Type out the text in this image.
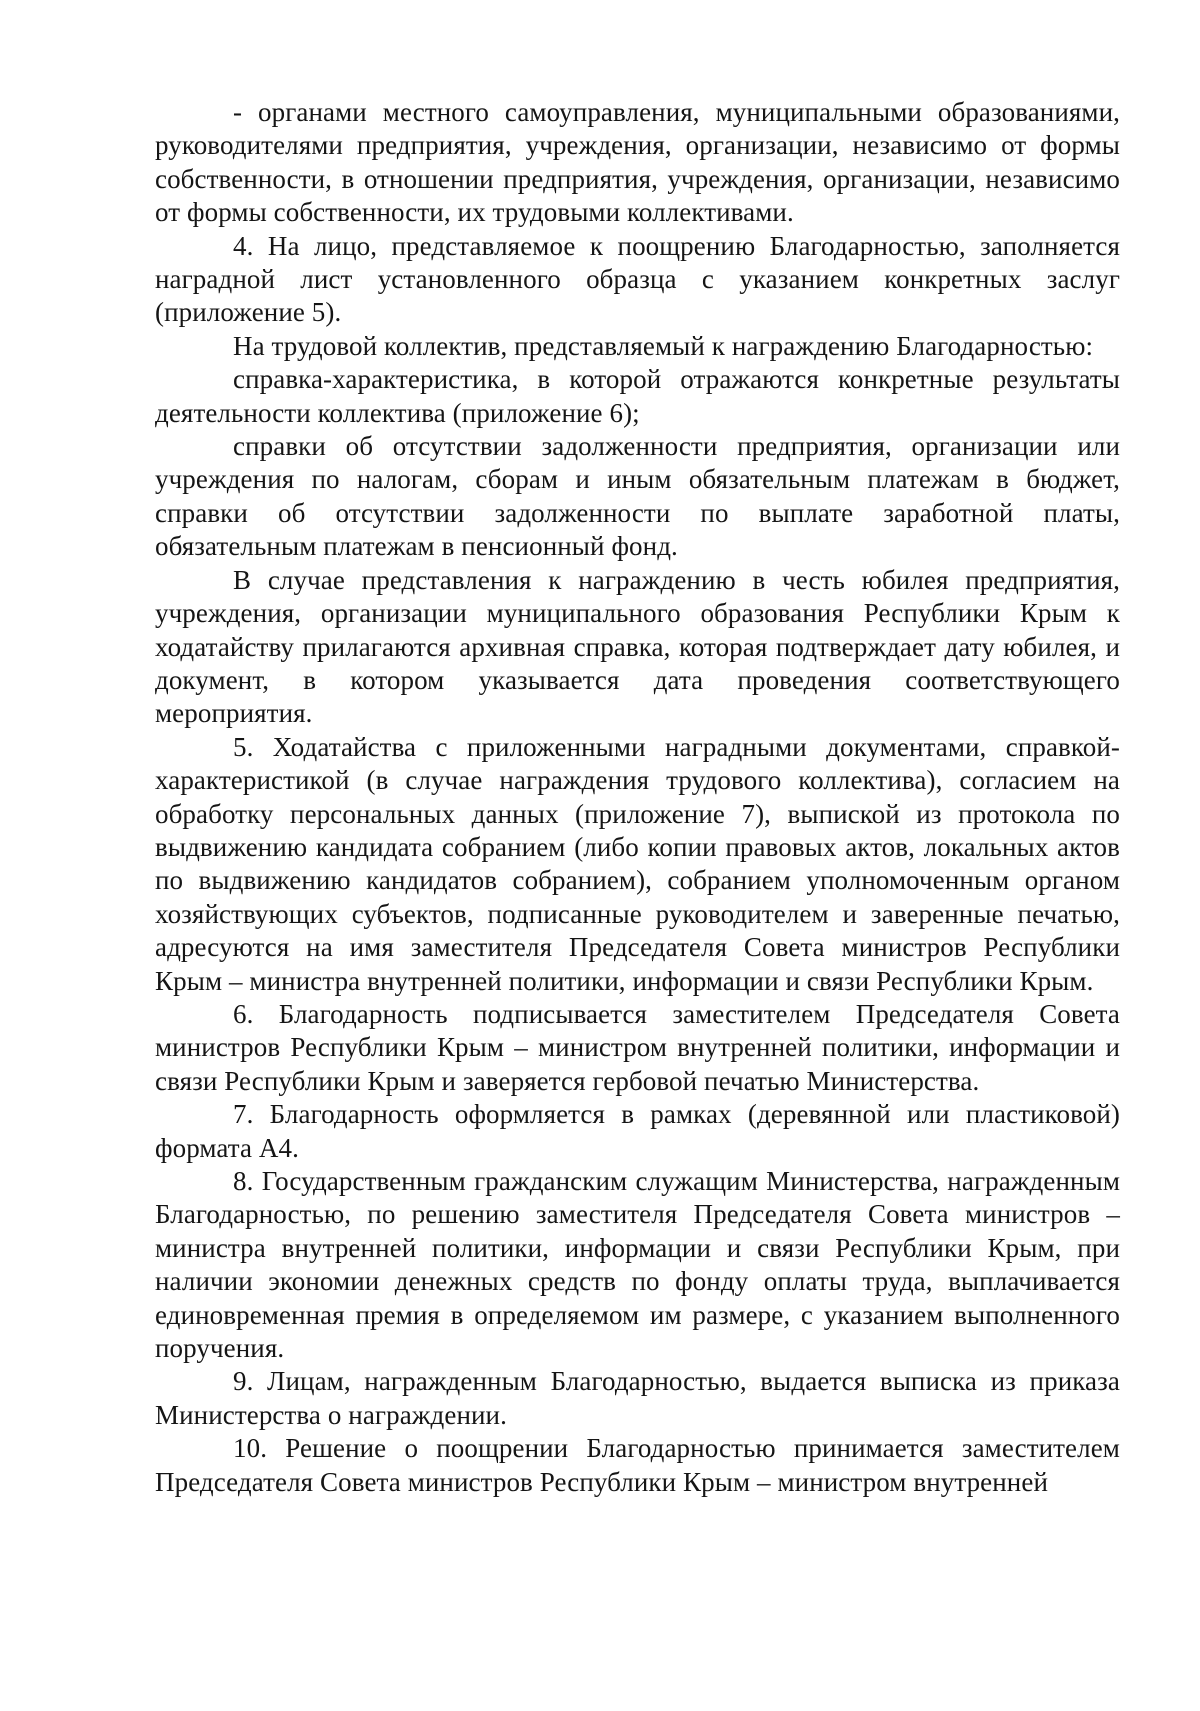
- органами местного самоуправления, муниципальными образованиями, руководителями предприятия, учреждения, организации, независимо от формы собственности, в отношении предприятия, учреждения, организации, независимо от формы собственности, их трудовыми коллективами.

4. На лицо, представляемое к поощрению Благодарностью, заполняется наградной лист установленного образца с указанием конкретных заслуг (приложение 5).

На трудовой коллектив, представляемый к награждению Благодарностью:

справка-характеристика, в которой отражаются конкретные результаты деятельности коллектива (приложение 6);

справки об отсутствии задолженности предприятия, организации или учреждения по налогам, сборам и иным обязательным платежам в бюджет, справки об отсутствии задолженности по выплате заработной платы, обязательным платежам в пенсионный фонд.

В случае представления к награждению в честь юбилея предприятия, учреждения, организации муниципального образования Республики Крым к ходатайству прилагаются архивная справка, которая подтверждает дату юбилея, и документ, в котором указывается дата проведения соответствующего мероприятия.

5. Ходатайства с приложенными наградными документами, справкой-характеристикой (в случае награждения трудового коллектива), согласием на обработку персональных данных (приложение 7), выпиской из протокола по выдвижению кандидата собранием (либо копии правовых актов, локальных актов по выдвижению кандидатов собранием), собранием уполномоченным органом хозяйствующих субъектов, подписанные руководителем и заверенные печатью, адресуются на имя заместителя Председателя Совета министров Республики Крым – министра внутренней политики, информации и связи Республики Крым.

6. Благодарность подписывается заместителем Председателя Совета министров Республики Крым – министром внутренней политики, информации и связи Республики Крым и заверяется гербовой печатью Министерства.

7. Благодарность оформляется в рамках (деревянной или пластиковой) формата А4.

8. Государственным гражданским служащим Министерства, награжденным Благодарностью, по решению заместителя Председателя Совета министров – министра внутренней политики, информации и связи Республики Крым, при наличии экономии денежных средств по фонду оплаты труда, выплачивается единовременная премия в определяемом им размере, с указанием выполненного поручения.

9. Лицам, награжденным Благодарностью, выдается выписка из приказа Министерства о награждении.

10. Решение о поощрении Благодарностью принимается заместителем Председателя Совета министров Республики Крым – министром внутренней
